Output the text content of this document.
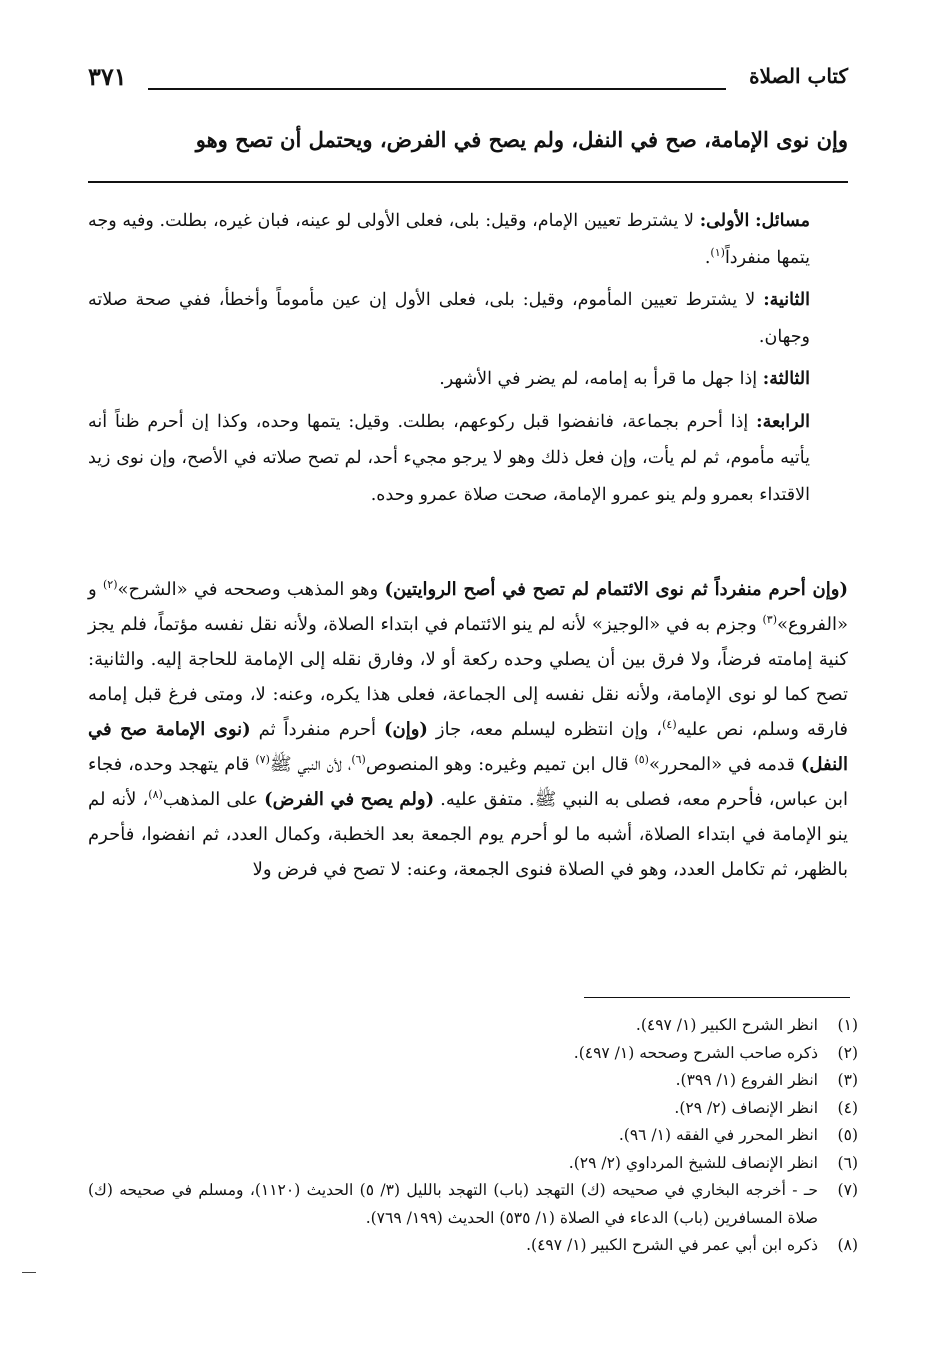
كتاب الصلاة
٣٧١
وإن نوى الإمامة، صح في النفل، ولم يصح في الفرض، ويحتمل أن تصح وهو

مسائل: الأولى: لا يشترط تعيين الإمام، وقيل: بلى، فعلى الأولى لو عينه، فبان غيره، بطلت. وفيه وجه يتمها منفرداً$^{(١)}$.

الثانية: لا يشترط تعيين المأموم، وقيل: بلى، فعلى الأول إن عين مأموماً وأخطأ، ففي صحة صلاته وجهان.

الثالثة: إذا جهل ما قرأ به إمامه، لم يضر في الأشهر.

الرابعة: إذا أحرم بجماعة، فانفضوا قبل ركوعهم، بطلت. وقيل: يتمها وحده، وكذا إن أحرم ظناً أنه يأتيه مأموم، ثم لم يأت، وإن فعل ذلك وهو لا يرجو مجيء أحد، لم تصح صلاته في الأصح، وإن نوى زيد الاقتداء بعمرو ولم ينو عمرو الإمامة، صحت صلاة عمرو وحده.

(وإن أحرم منفرداً ثم نوى الائتمام لم تصح في أصح الروايتين) وهو المذهب وصححه في «الشرح»$^{(٢)}$ و «الفروع»$^{(٣)}$ وجزم به في «الوجيز» لأنه لم ينو الائتمام في ابتداء الصلاة، ولأنه نقل نفسه مؤتماً، فلم يجز كنية إمامته فرضاً، ولا فرق بين أن يصلي وحده ركعة أو لا، وفارق نقله إلى الإمامة للحاجة إليه. والثانية: تصح كما لو نوى الإمامة، ولأنه نقل نفسه إلى الجماعة، فعلى هذا يكره، وعنه: لا، ومتى فرغ قبل إمامه فارقه وسلم، نص عليه$^{(٤)}$، وإن انتظره ليسلم معه، جاز (وإن) أحرم منفرداً ثم (نوى الإمامة صح في النفل) قدمه في «المحرر»$^{(٥)}$ قال ابن تميم وغيره: وهو المنصوص$^{(٦)}$، لأن النبي ﷺ$^{(٧)}$ قام يتهجد وحده، فجاء ابن عباس، فأحرم معه، فصلى به النبي ﷺ. متفق عليه. (ولم يصح في الفرض) على المذهب$^{(٨)}$، لأنه لم ينو الإمامة في ابتداء الصلاة، أشبه ما لو أحرم يوم الجمعة بعد الخطبة، وكمال العدد، ثم انفضوا، فأحرم بالظهر، ثم تكامل العدد، وهو في الصلاة فنوى الجمعة، وعنه: لا تصح في فرض ولا

(١)
انظر الشرح الكبير (١/ ٤٩٧).
(٢)
ذكره صاحب الشرح وصححه (١/ ٤٩٧).
(٣)
انظر الفروع (١/ ٣٩٩).
(٤)
انظر الإنصاف (٢/ ٢٩).
(٥)
انظر المحرر في الفقه (١/ ٩٦).
(٦)
انظر الإنصاف للشيخ المرداوي (٢/ ٢٩).
(٧)
حـ - أخرجه البخاري في صحيحه (ك) التهجد (باب) التهجد بالليل (٣/ ٥) الحديث (١١٢٠)، ومسلم في صحيحه (ك) صلاة المسافرين (باب) الدعاء في الصلاة (١/ ٥٣٥) الحديث (١٩٩/ ٧٦٩).
(٨)
ذكره ابن أبي عمر في الشرح الكبير (١/ ٤٩٧).
